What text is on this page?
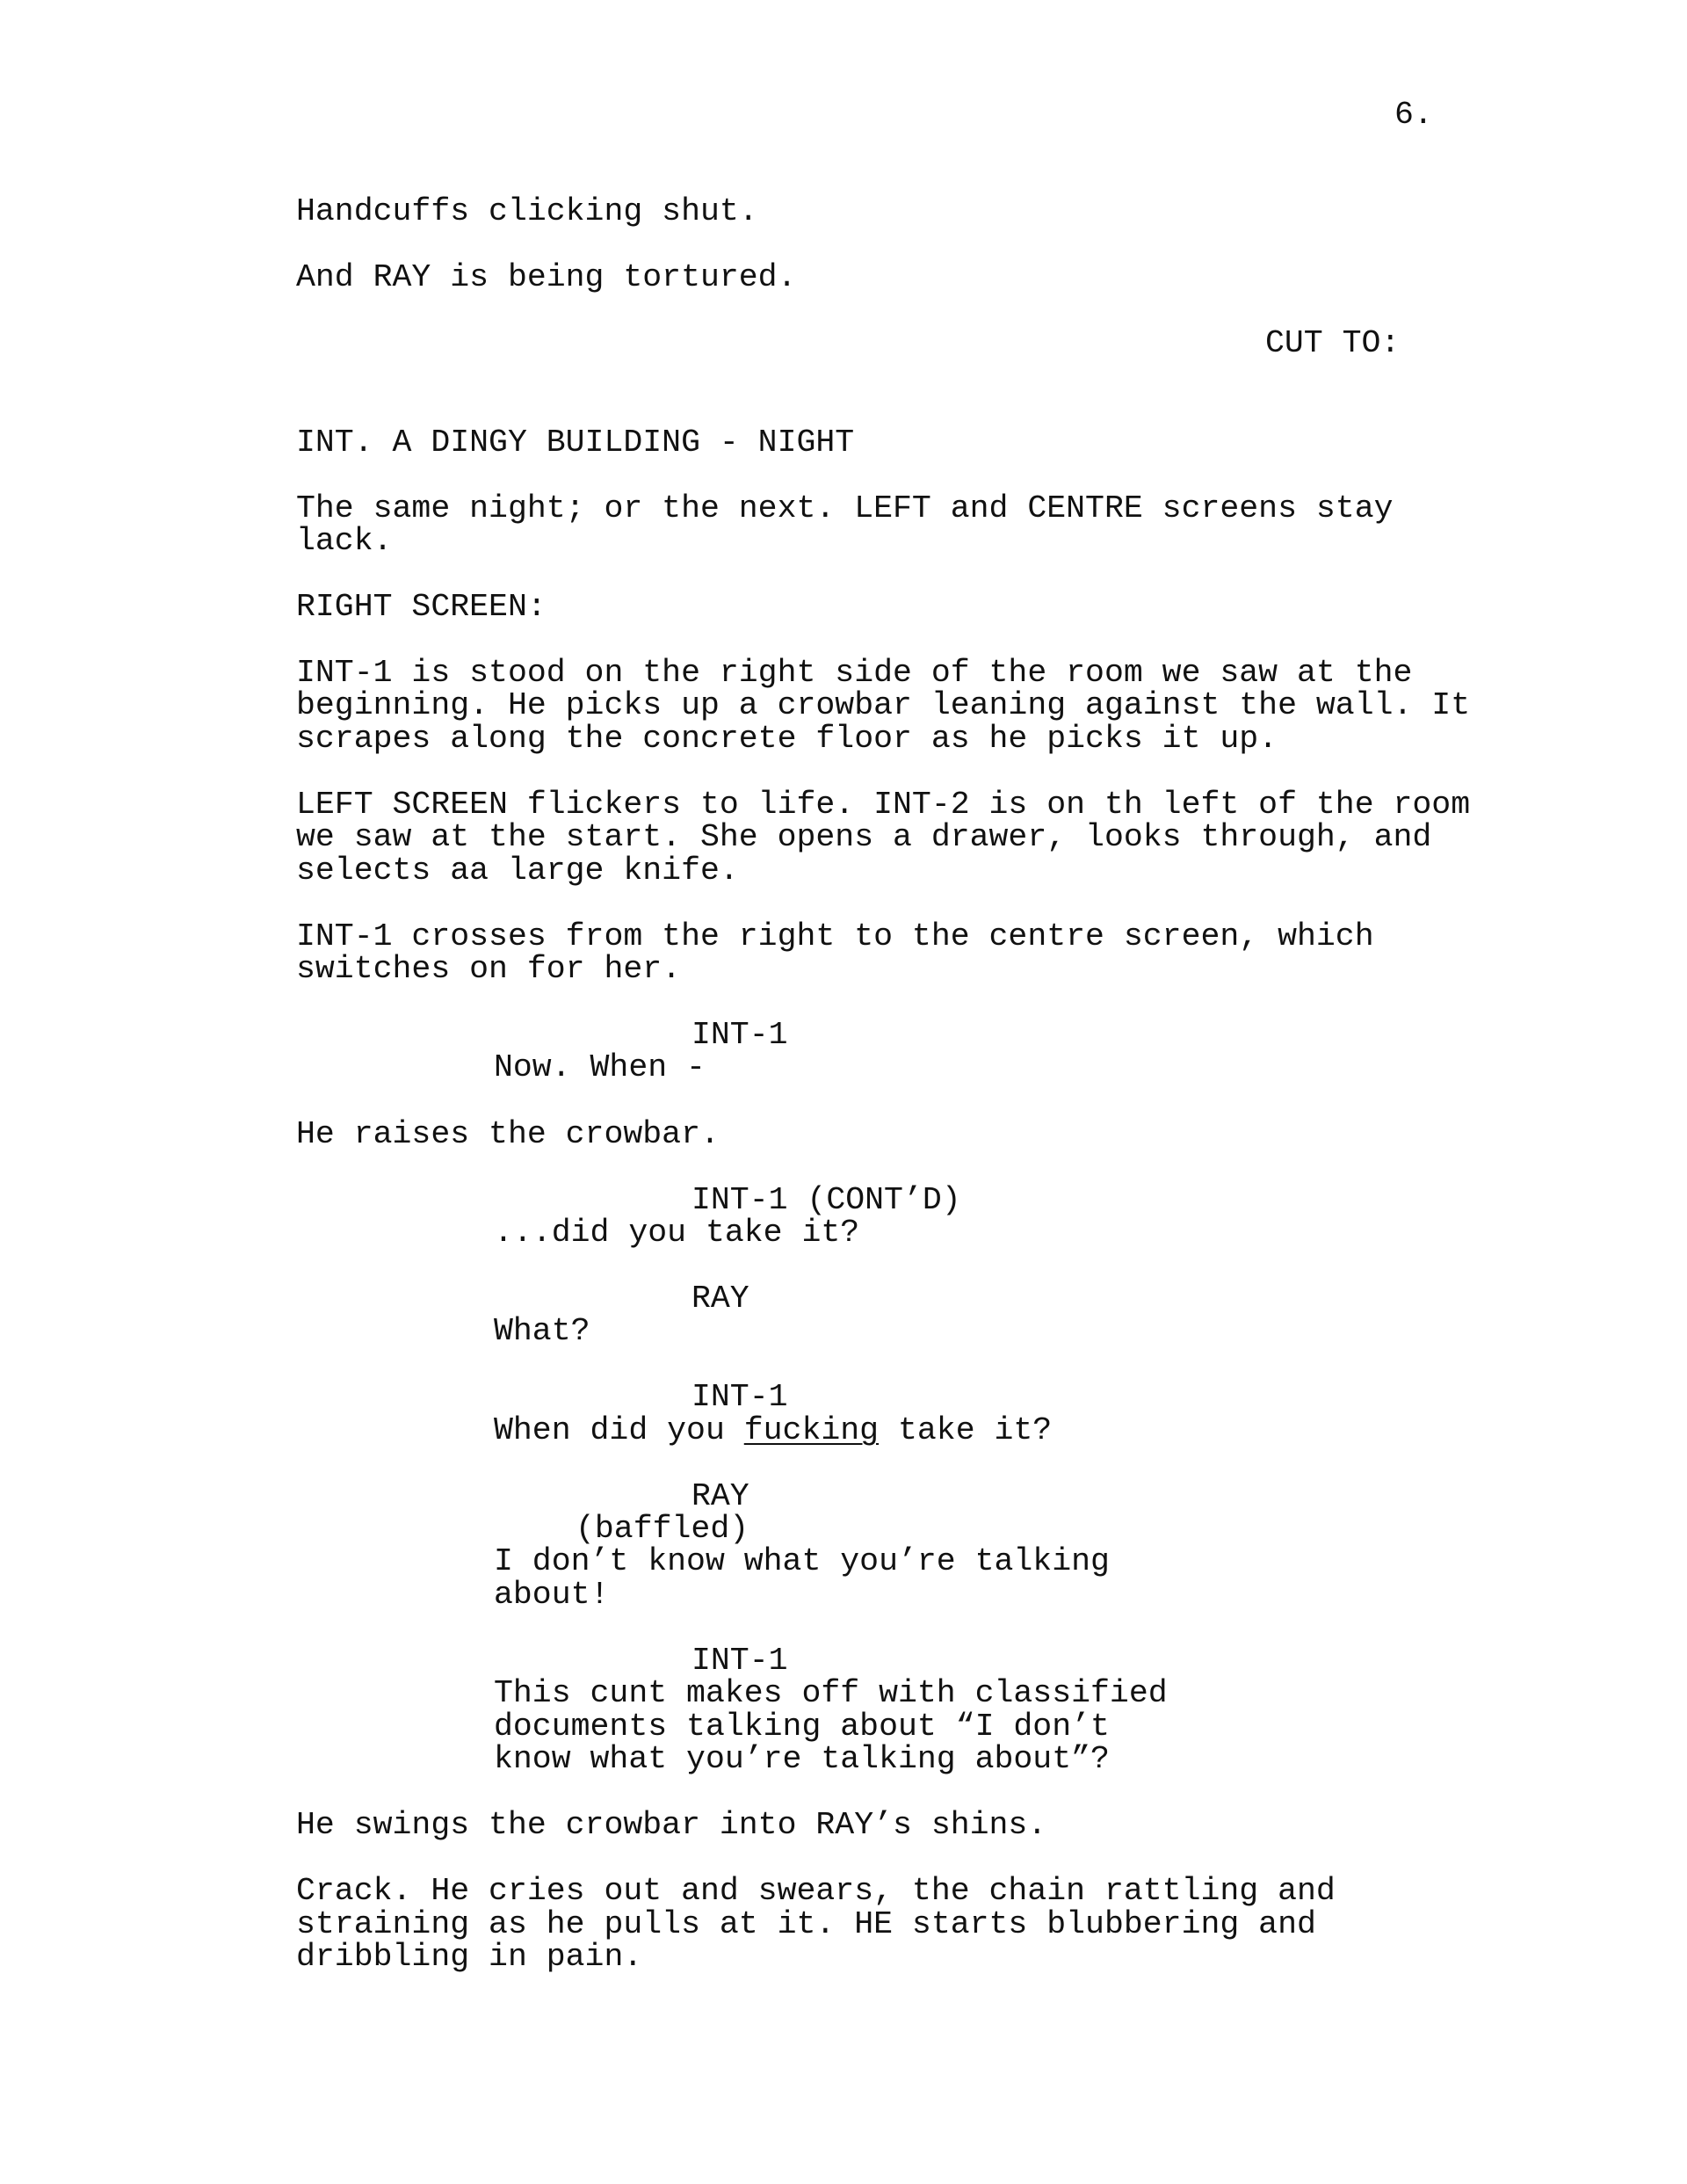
6.
Handcuffs clicking shut.
And RAY is being tortured.
CUT TO:
INT. A DINGY BUILDING - NIGHT
The same night; or the next. LEFT and CENTRE screens stay
lack.
RIGHT SCREEN:
INT-1 is stood on the right side of the room we saw at the
beginning. He picks up a crowbar leaning against the wall. It
scrapes along the concrete floor as he picks it up.
LEFT SCREEN flickers to life. INT-2 is on th left of the room
we saw at the start. She opens a drawer, looks through, and
selects aa large knife.
INT-1 crosses from the right to the centre screen, which
switches on for her.
INT-1
Now. When -
He raises the crowbar.
INT-1 (CONT’D)
...did you take it?
RAY
What?
INT-1
When did you fucking take it?
RAY
(baffled)
I don’t know what you’re talking
about!
INT-1
This cunt makes off with classified
documents talking about “I don’t
know what you’re talking about”?
He swings the crowbar into RAY’s shins.
Crack. He cries out and swears, the chain rattling and
straining as he pulls at it. HE starts blubbering and
dribbling in pain.
